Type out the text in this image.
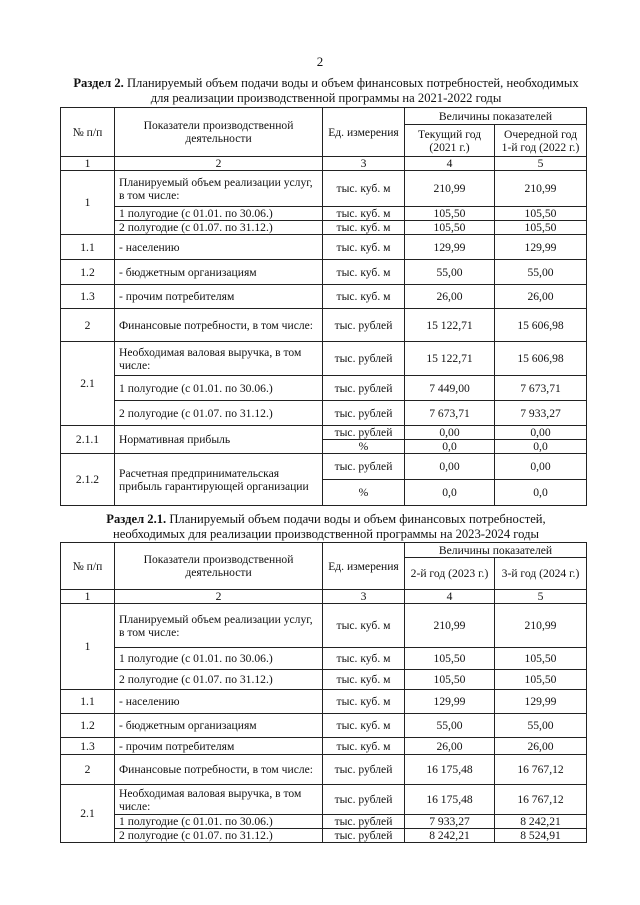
2
Раздел 2. Планируемый объем подачи воды и объем финансовых потребностей, необходимых для реализации производственной программы на 2021-2022 годы
№ п/п	Показатели производственной деятельности	Ед. измерения	Величины показателей	
			Текущий год (2021 г.)	Очередной год 1-й год (2022 г.)
1	2	3	4	5
1	Планируемый объем реализации услуг, в том числе:	тыс. куб. м	210,99	210,99
	1 полугодие (с 01.01. по 30.06.)	тыс. куб. м	105,50	105,50
	2 полугодие (с 01.07. по 31.12.)	тыс. куб. м	105,50	105,50
1.1	- населению	тыс. куб. м	129,99	129,99
1.2	- бюджетным организациям	тыс. куб. м	55,00	55,00
1.3	- прочим потребителям	тыс. куб. м	26,00	26,00
2	Финансовые потребности, в том числе:	тыс. рублей	15 122,71	15 606,98
2.1	Необходимая валовая выручка, в том числе:	тыс. рублей	15 122,71	15 606,98
	1 полугодие (с 01.01. по 30.06.)	тыс. рублей	7 449,00	7 673,71
	2 полугодие (с 01.07. по 31.12.)	тыс. рублей	7 673,71	7 933,27
2.1.1	Нормативная прибыль	тыс. рублей	0,00	0,00
		%	0,0	0,0
2.1.2	Расчетная предпринимательская прибыль гарантирующей организации	тыс. рублей	0,00	0,00
		%	0,0	0,0
Раздел 2.1. Планируемый объем подачи воды и объем финансовых потребностей, необходимых для реализации производственной программы на 2023-2024 годы
№ п/п	Показатели производственной деятельности	Ед. измерения	Величины показателей	
			2-й год (2023 г.)	3-й год (2024 г.)
1	2	3	4	5
1	Планируемый объем реализации услуг, в том числе:	тыс. куб. м	210,99	210,99
	1 полугодие (с 01.01. по 30.06.)	тыс. куб. м	105,50	105,50
	2 полугодие (с 01.07. по 31.12.)	тыс. куб. м	105,50	105,50
1.1	- населению	тыс. куб. м	129,99	129,99
1.2	- бюджетным организациям	тыс. куб. м	55,00	55,00
1.3	- прочим потребителям	тыс. куб. м	26,00	26,00
2	Финансовые потребности, в том числе:	тыс. рублей	16 175,48	16 767,12
2.1	Необходимая валовая выручка, в том числе:	тыс. рублей	16 175,48	16 767,12
	1 полугодие (с 01.01. по 30.06.)	тыс. рублей	7 933,27	8 242,21
	2 полугодие (с 01.07. по 31.12.)	тыс. рублей	8 242,21	8 524,91
